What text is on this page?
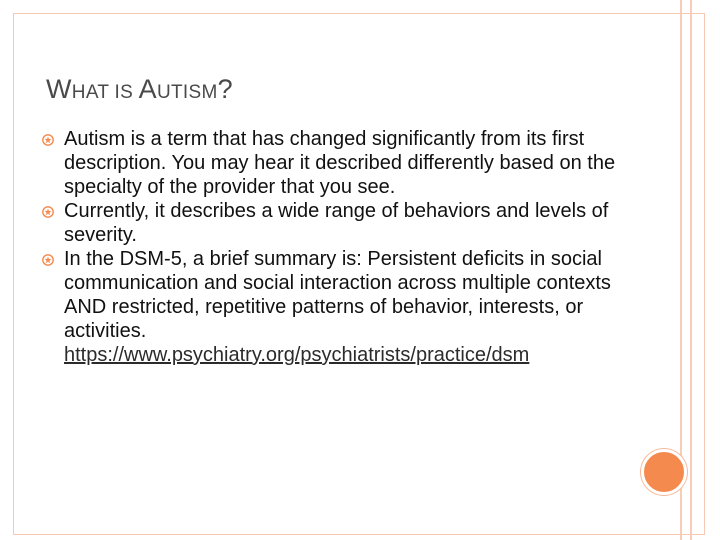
WHAT IS AUTISM?
Autism is a term that has changed significantly from its first description. You may hear it described differently based on the specialty of the provider that you see.
Currently, it describes a wide range of behaviors and levels of severity.
In the DSM-5, a brief summary is: Persistent deficits in social communication and social interaction across multiple contexts AND restricted, repetitive patterns of behavior, interests, or activities.
https://www.psychiatry.org/psychiatrists/practice/dsm
